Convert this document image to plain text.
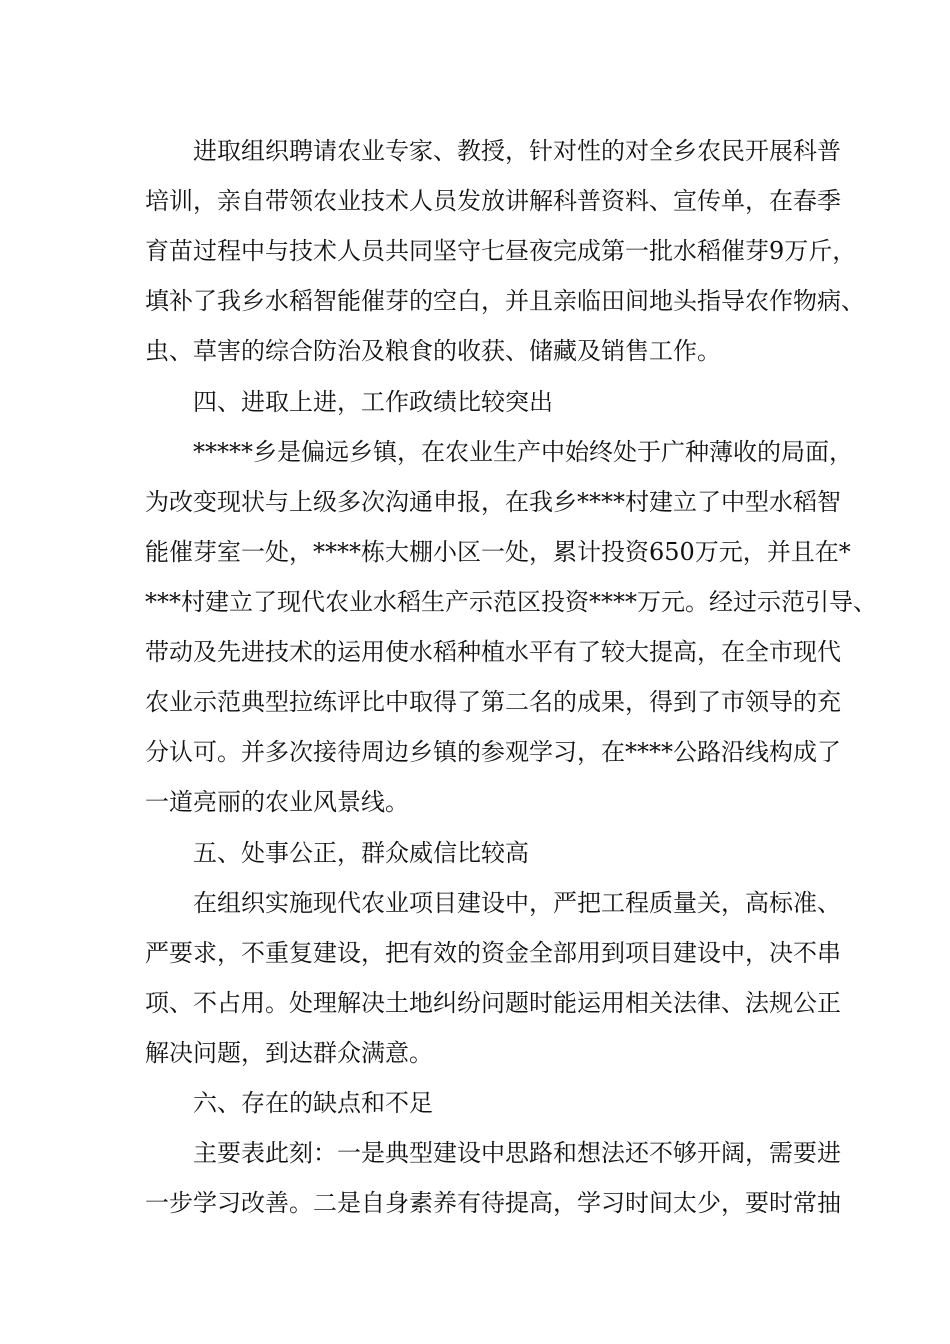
进取组织聘请农业专家、教授，针对性的对全乡农民开展科普
培训，亲自带领农业技术人员发放讲解科普资料、宣传单，在春季
育苗过程中与技术人员共同坚守七昼夜完成第一批水稻催芽9万斤，
填补了我乡水稻智能催芽的空白，并且亲临田间地头指导农作物病、
虫、草害的综合防治及粮食的收获、储藏及销售工作。
四、进取上进，工作政绩比较突出
*****乡是偏远乡镇，在农业生产中始终处于广种薄收的局面，
为改变现状与上级多次沟通申报，在我乡****村建立了中型水稻智
能催芽室一处，****栋大棚小区一处，累计投资650万元，并且在*
***村建立了现代农业水稻生产示范区投资****万元。经过示范引导、
带动及先进技术的运用使水稻种植水平有了较大提高，在全市现代
农业示范典型拉练评比中取得了第二名的成果，得到了市领导的充
分认可。并多次接待周边乡镇的参观学习，在****公路沿线构成了
一道亮丽的农业风景线。
五、处事公正，群众威信比较高
在组织实施现代农业项目建设中，严把工程质量关，高标准、
严要求，不重复建设，把有效的资金全部用到项目建设中，决不串
项、不占用。处理解决土地纠纷问题时能运用相关法律、法规公正
解决问题，到达群众满意。
六、存在的缺点和不足
主要表此刻：一是典型建设中思路和想法还不够开阔，需要进
一步学习改善。二是自身素养有待提高，学习时间太少，要时常抽
